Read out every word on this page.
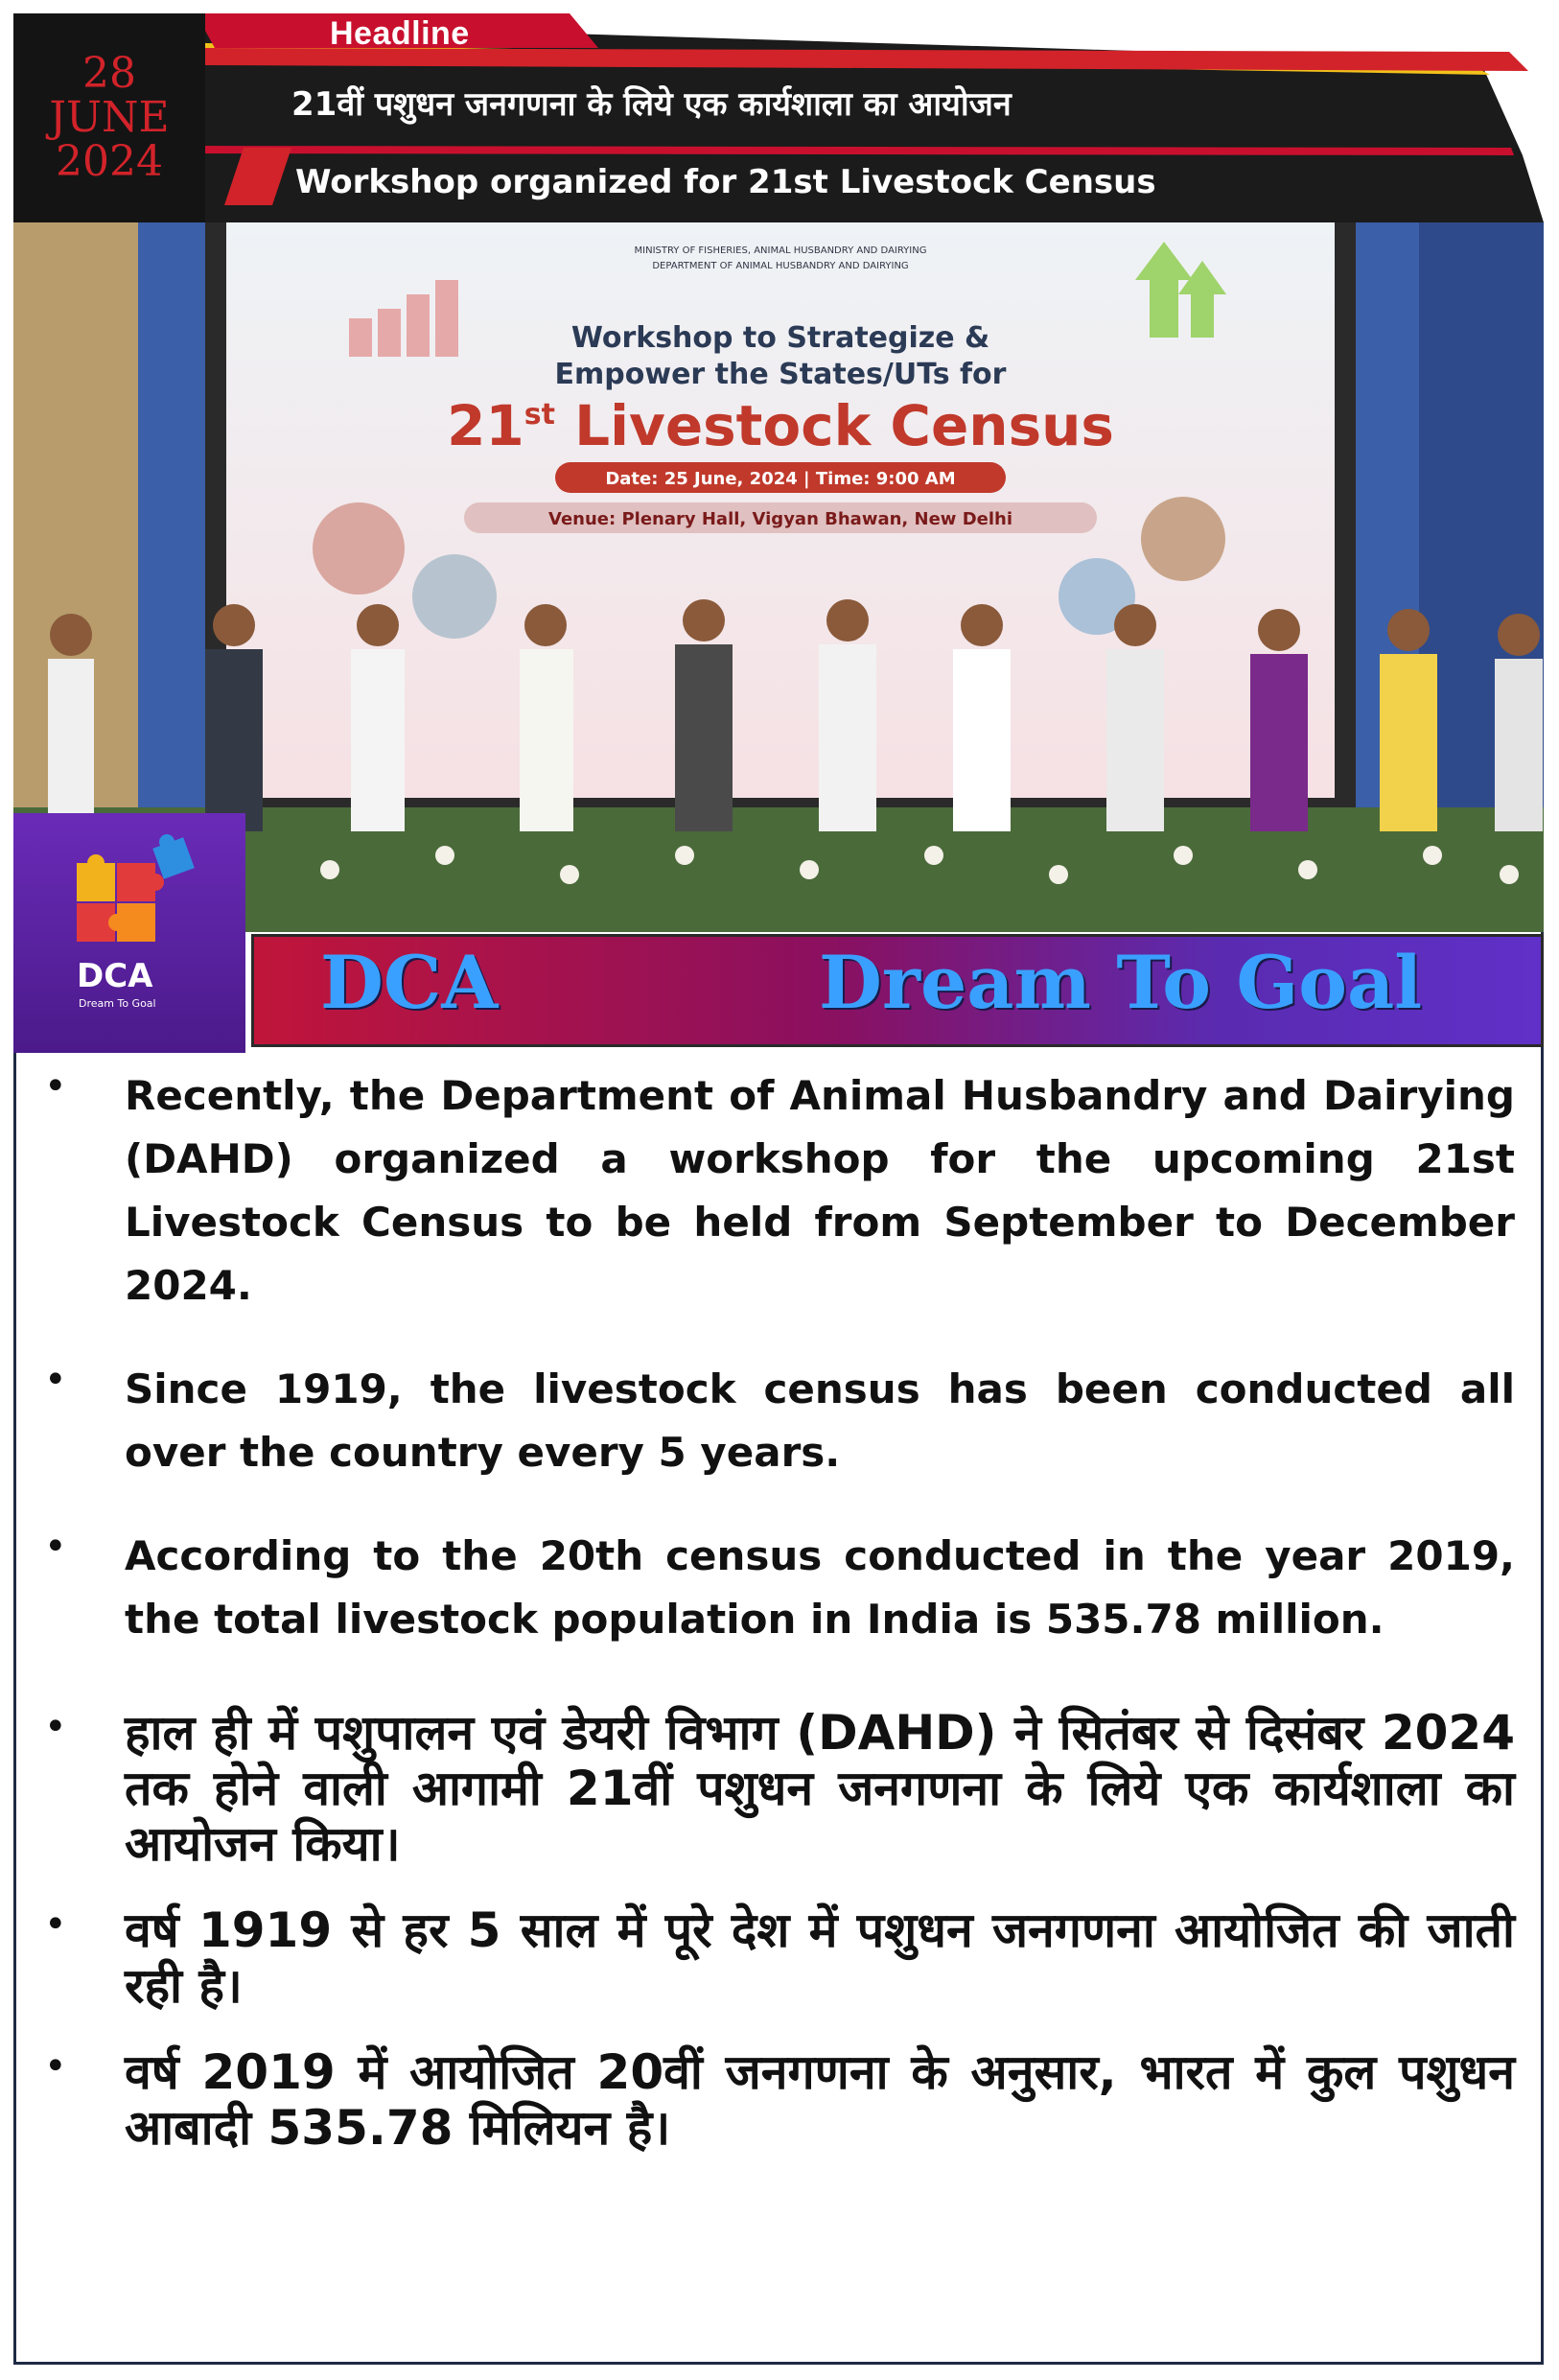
28
JUNE
2024
Headline
21वीं पशुधन जनगणना के लिये एक कार्यशाला का आयोजन
Workshop organized for 21st Livestock Census
MINISTRY OF FISHERIES, ANIMAL HUSBANDRY AND DAIRYING
DEPARTMENT OF ANIMAL HUSBANDRY AND DAIRYING
Workshop to Strategize &
Empower the States/UTs for
21st Livestock Census
Date: 25 June, 2024 | Time: 9:00 AM
Venue: Plenary Hall, Vigyan Bhawan, New Delhi
DCA
Dream To Goal DCA	Dream To Goal
• Recently, the Department of Animal Husbandry and Dairying (DAHD) organized a workshop for the upcoming 21st Livestock Census to be held from September to December 2024.

• Since 1919, the livestock census has been conducted all over the country every 5 years.

• According to the 20th census conducted in the year 2019, the total livestock population in India is 535.78 million.

• हाल ही में पशुपालन एवं डेयरी विभाग (DAHD) ने सितंबर से दिसंबर 2024 तक होने वाली आगामी 21वीं पशुधन जनगणना के लिये एक कार्यशाला का आयोजन किया।

• वर्ष 1919 से हर 5 साल में पूरे देश में पशुधन जनगणना आयोजित की जाती रही है।

• वर्ष 2019 में आयोजित 20वीं जनगणना के अनुसार, भारत में कुल पशुधन आबादी 535.78 मिलियन है।
